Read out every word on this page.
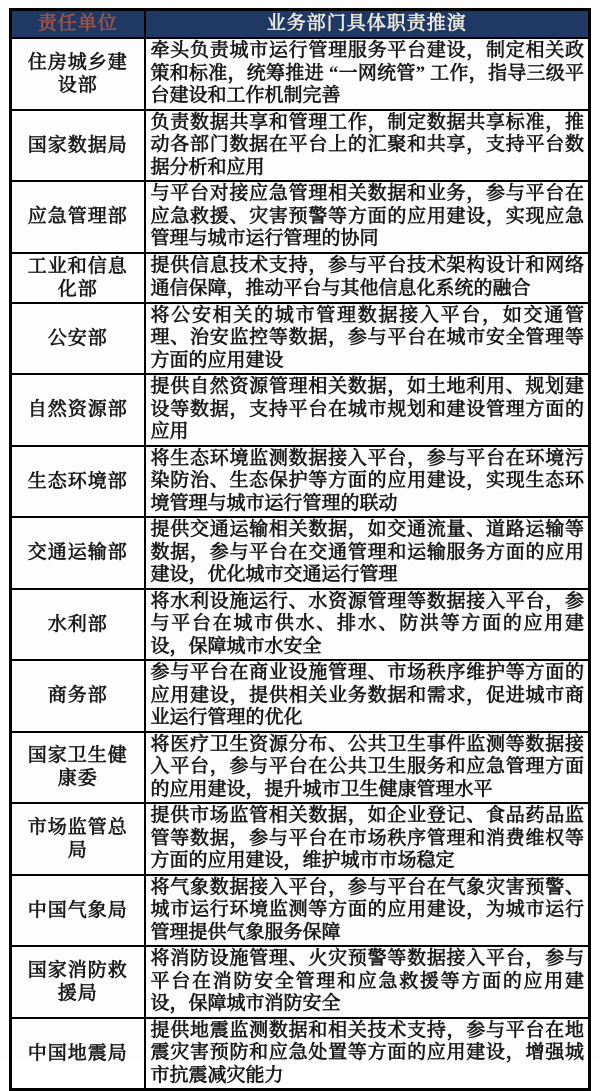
责任单位	业务部门具体职责推演
住房城乡建设部	牵头负责城市运行管理服务平台建设，制定相关政策和标准，统筹推进 “一网统管” 工作，指导三级平台建设和工作机制完善
国家数据局	负责数据共享和管理工作，制定数据共享标准，推动各部门数据在平台上的汇聚和共享，支持平台数据分析和应用
应急管理部	与平台对接应急管理相关数据和业务，参与平台在应急救援、灾害预警等方面的应用建设，实现应急管理与城市运行管理的协同
工业和信息化部	提供信息技术支持，参与平台技术架构设计和网络通信保障，推动平台与其他信息化系统的融合
公安部	将公安相关的城市管理数据接入平台，如交通管理、治安监控等数据，参与平台在城市安全管理等方面的应用建设
自然资源部	提供自然资源管理相关数据，如土地利用、规划建设等数据，支持平台在城市规划和建设管理方面的应用
生态环境部	将生态环境监测数据接入平台，参与平台在环境污染防治、生态保护等方面的应用建设，实现生态环境管理与城市运行管理的联动
交通运输部	提供交通运输相关数据，如交通流量、道路运输等数据，参与平台在交通管理和运输服务方面的应用建设，优化城市交通运行管理
水利部	将水利设施运行、水资源管理等数据接入平台，参与平台在城市供水、排水、防洪等方面的应用建设，保障城市水安全
商务部	参与平台在商业设施管理、市场秩序维护等方面的应用建设，提供相关业务数据和需求，促进城市商业运行管理的优化
国家卫生健康委	将医疗卫生资源分布、公共卫生事件监测等数据接入平台，参与平台在公共卫生服务和应急管理方面的应用建设，提升城市卫生健康管理水平
市场监管总局	提供市场监管相关数据，如企业登记、食品药品监管等数据，参与平台在市场秩序管理和消费维权等方面的应用建设，维护城市市场稳定
中国气象局	将气象数据接入平台，参与平台在气象灾害预警、城市运行环境监测等方面的应用建设，为城市运行管理提供气象服务保障
国家消防救援局	将消防设施管理、火灾预警等数据接入平台，参与平台在消防安全管理和应急救援等方面的应用建设，保障城市消防安全
中国地震局	提供地震监测数据和相关技术支持，参与平台在地震灾害预防和应急处置等方面的应用建设，增强城市抗震减灾能力
